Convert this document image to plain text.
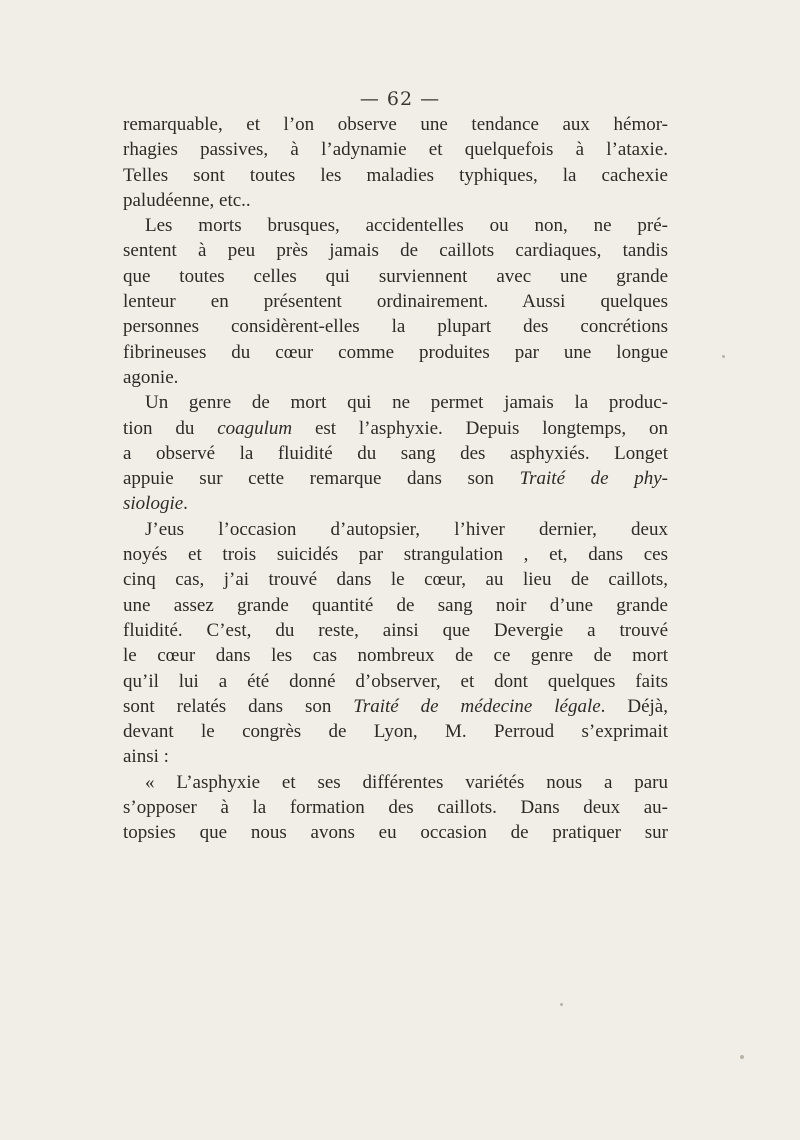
— 62 —
remarquable, et l’on observe une tendance aux hémor-
rhagies passives, à l’adynamie et quelquefois à l’ataxie.
Telles sont toutes les maladies typhiques, la cachexie
paludéenne, etc..
Les morts brusques, accidentelles ou non, ne pré-
sentent à peu près jamais de caillots cardiaques, tandis
que toutes celles qui surviennent avec une grande
lenteur en présentent ordinairement. Aussi quelques
personnes considèrent-elles la plupart des concrétions
fibrineuses du cœur comme produites par une longue
agonie.
Un genre de mort qui ne permet jamais la produc-
tion du coagulum est l’asphyxie. Depuis longtemps, on
a observé la fluidité du sang des asphyxiés. Longet
appuie sur cette remarque dans son Traité de phy-
siologie.
J’eus l’occasion d’autopsier, l’hiver dernier, deux
noyés et trois suicidés par strangulation , et, dans ces
cinq cas, j’ai trouvé dans le cœur, au lieu de caillots,
une assez grande quantité de sang noir d’une grande
fluidité. C’est, du reste, ainsi que Devergie a trouvé
le cœur dans les cas nombreux de ce genre de mort
qu’il lui a été donné d’observer, et dont quelques faits
sont relatés dans son Traité de médecine légale. Déjà,
devant le congrès de Lyon, M. Perroud s’exprimait
ainsi :
« L’asphyxie et ses différentes variétés nous a paru
s’opposer à la formation des caillots. Dans deux au-
topsies que nous avons eu occasion de pratiquer sur
